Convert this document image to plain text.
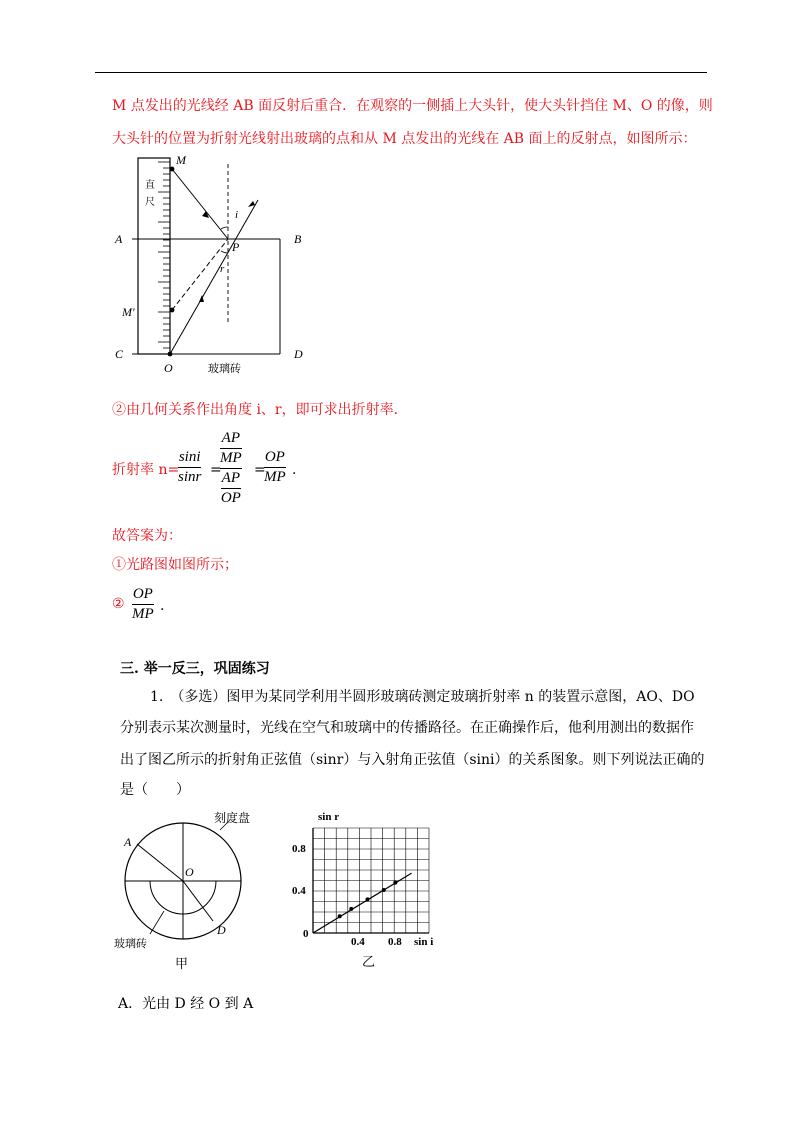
M 点发出的光线经 AB 面反射后重合．在观察的一侧插上大头针，使大头针挡住 M、O 的像，则
大头针的位置为折射光线射出玻璃的点和从 M 点发出的光线在 AB 面上的反射点，如图所示：
M
直
尺
A	B
P
i
r
M′
C	D
O	玻璃砖
②由几何关系作出角度 i、r，即可求出折射率．
折射率 n=
sini
sinr =
$\frac{AP}{MP}$
$\frac{AP}{OP}$ =
OP
MP .
故答案为：
①光路图如图所示；
②
OP
MP .
三. 举一反三，巩固练习
1.　（多选）图甲为某同学利用半圆形玻璃砖测定玻璃折射率 n 的装置示意图，AO、DO
分别表示某次测量时，光线在空气和玻璃中的传播路径。在正确操作后，他利用测出的数据作
出了图乙所示的折射角正弦值（sinr）与入射角正弦值（sini）的关系图象。则下列说法正确的
是（　　）
刻度盘
A
O
D
玻璃砖
甲
sin r
sin i
0.8
0.4
0
0.4 0.8
乙
A．光由 D 经 O 到 A
